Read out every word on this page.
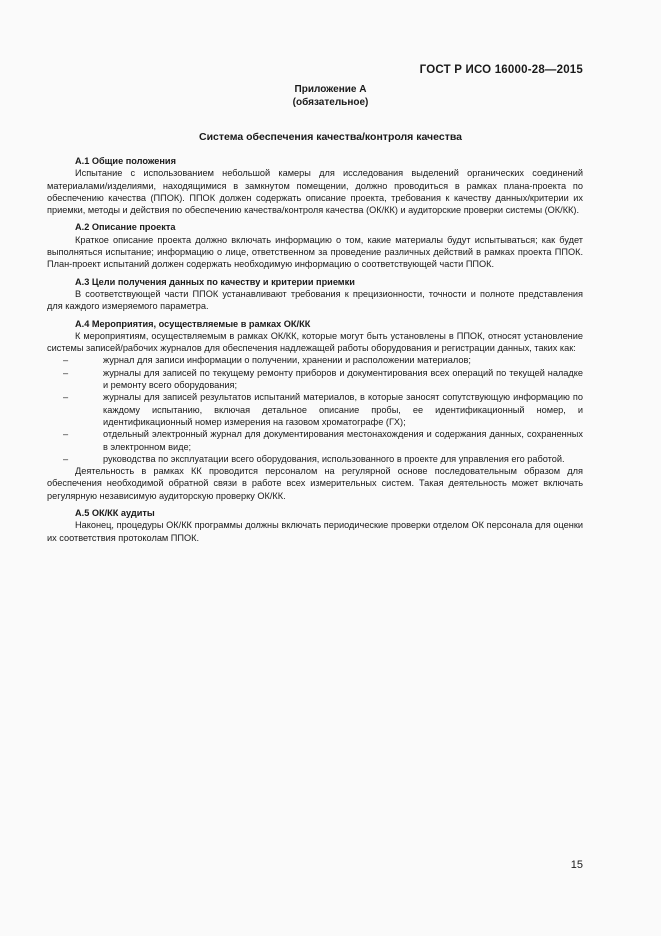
ГОСТ Р ИСО 16000-28—2015
Приложение А
(обязательное)
Система обеспечения качества/контроля качества

А.1 Общие положения

Испытание с использованием небольшой камеры для исследования выделений органических соединений материалами/изделиями, находящимися в замкнутом помещении, должно проводиться в рамках плана-проекта по обеспечению качества (ППОК). ППОК должен содержать описание проекта, требования к качеству данных/критерии их приемки, методы и действия по обеспечению качества/контроля качества (ОК/КК) и аудиторские проверки системы (ОК/КК).

А.2 Описание проекта

Краткое описание проекта должно включать информацию о том, какие материалы будут испытываться; как будет выполняться испытание; информацию о лице, ответственном за проведение различных действий в рамках проекта ППОК. План-проект испытаний должен содержать необходимую информацию о соответствующей части ППОК.

А.3 Цели получения данных по качеству и критерии приемки

В соответствующей части ППОК устанавливают требования к прецизионности, точности и полноте представления для каждого измеряемого параметра.

А.4 Мероприятия, осуществляемые в рамках ОК/КК

К мероприятиям, осуществляемым в рамках ОК/КК, которые могут быть установлены в ППОК, относят установление системы записей/рабочих журналов для обеспечения надлежащей работы оборудования и регистрации данных, таких как:

–	журнал для записи информации о получении, хранении и расположении материалов;
–	журналы для записей по текущему ремонту приборов и документирования всех операций по текущей наладке и ремонту всего оборудования;
–	журналы для записей результатов испытаний материалов, в которые заносят сопутствующую информацию по каждому испытанию, включая детальное описание пробы, ее идентификационный номер, и идентификационный номер измерения на газовом хроматографе (ГХ);
–	отдельный электронный журнал для документирования местонахождения и содержания данных, сохраненных в электронном виде;
–	руководства по эксплуатации всего оборудования, использованного в проекте для управления его работой.

Деятельность в рамках КК проводится персоналом на регулярной основе последовательным образом для обеспечения необходимой обратной связи в работе всех измерительных систем. Такая деятельность может включать регулярную независимую аудиторскую проверку ОК/КК.

А.5 ОК/КК аудиты

Наконец, процедуры ОК/КК программы должны включать периодические проверки отделом ОК персонала для оценки их соответствия протоколам ППОК.

15
